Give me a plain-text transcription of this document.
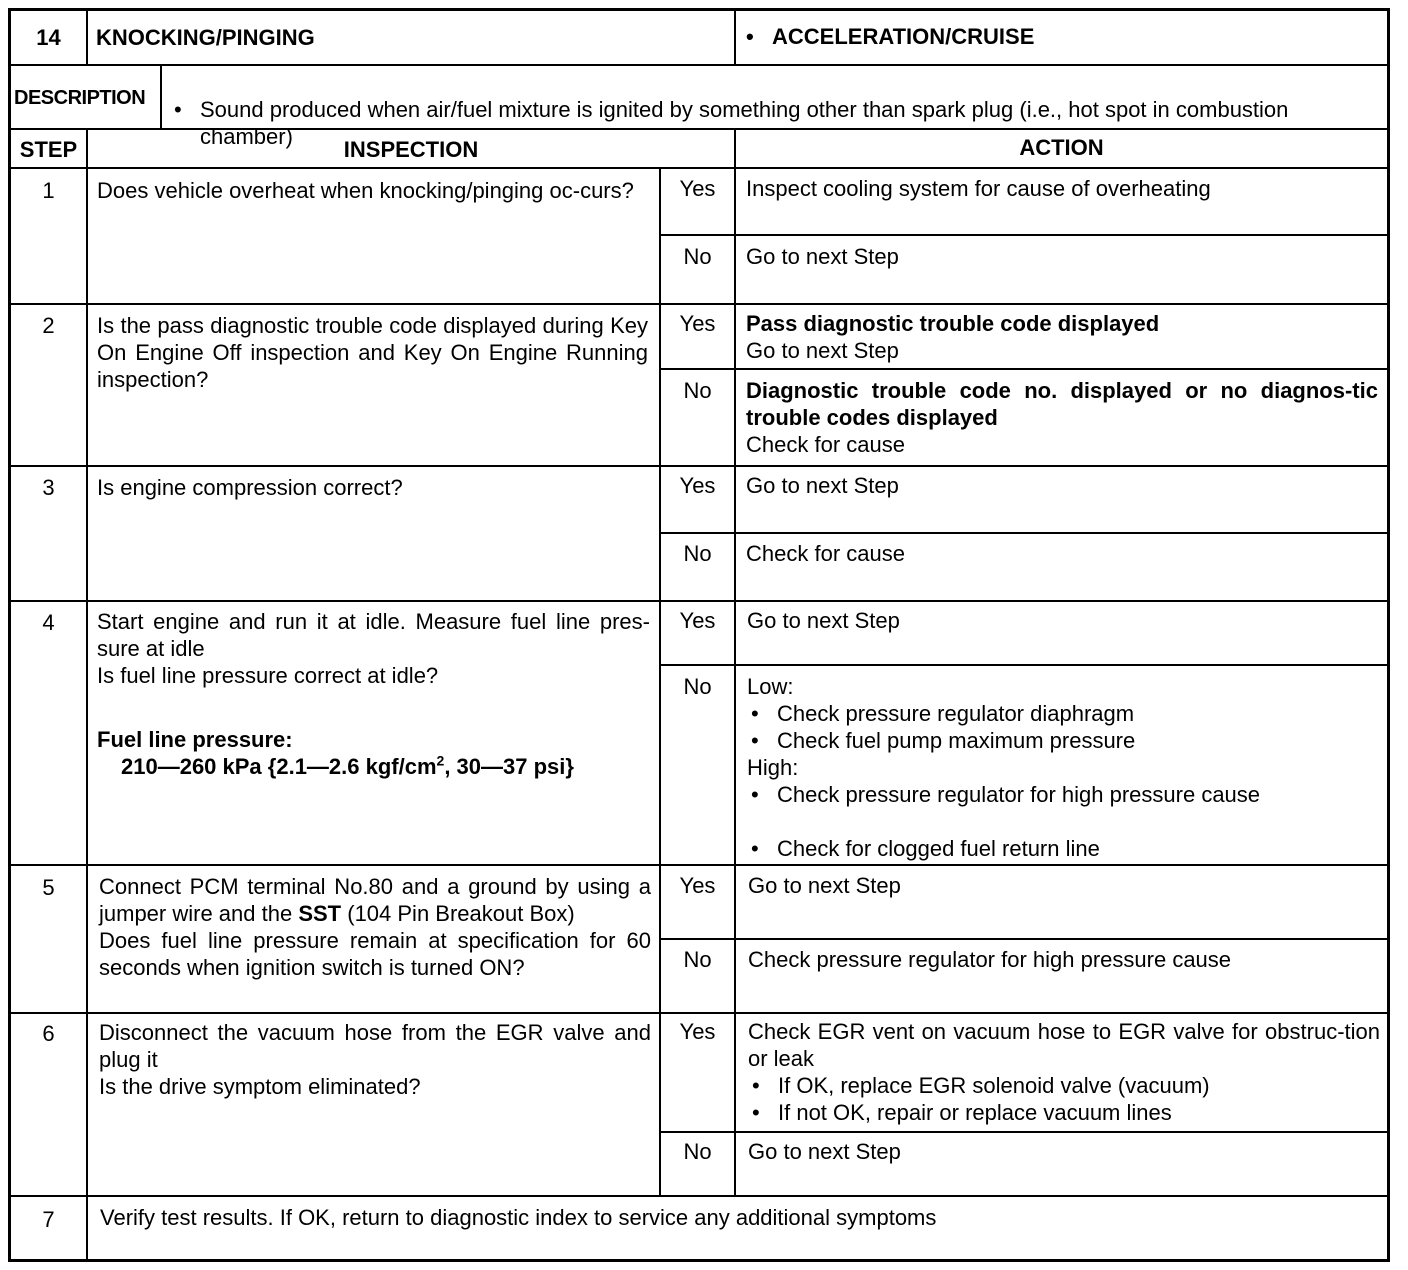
14	KNOCKING/PINGING	• ACCELERATION/CRUISE
DESCRIPTION	• Sound produced when air/fuel mixture is ignited by something other than spark plug (i.e., hot spot in combustion chamber)
STEP	INSPECTION	ACTION
1	Does vehicle overheat when knocking/pinging oc-curs?	Yes	Inspect cooling system for cause of overheating
No	Go to next Step
2	Is the pass diagnostic trouble code displayed during Key On Engine Off inspection and Key On Engine Running inspection?
Yes	Pass diagnostic trouble code displayed
Go to next Step
No	Diagnostic trouble code no. displayed or no diagnos-tic trouble codes displayed
Check for cause
3	Is engine compression correct?	Yes	Go to next Step
No	Check for cause
4	Start engine and run it at idle. Measure fuel line pres-sure at idle
Is fuel line pressure correct at idle?
Fuel line pressure:
210—260 kPa {2.1—2.6 kgf/$cm^2$, 30—37 psi}
Yes	Go to next Step
No	Low:
• Check pressure regulator diaphragm
• Check fuel pump maximum pressure
High:
• Check pressure regulator for high pressure cause
• Check for clogged fuel return line
5	Connect PCM terminal No.80 and a ground by using a jumper wire and the SST (104 Pin Breakout Box)
Does fuel line pressure remain at specification for 60 seconds when ignition switch is turned ON?
Yes	Go to next Step
No	Check pressure regulator for high pressure cause
6	Disconnect the vacuum hose from the EGR valve and plug it
Is the drive symptom eliminated?
Yes	Check EGR vent on vacuum hose to EGR valve for obstruc-tion or leak
• If OK, replace EGR solenoid valve (vacuum)
• If not OK, repair or replace vacuum lines
No	Go to next Step
7	Verify test results. If OK, return to diagnostic index to service any additional symptoms
